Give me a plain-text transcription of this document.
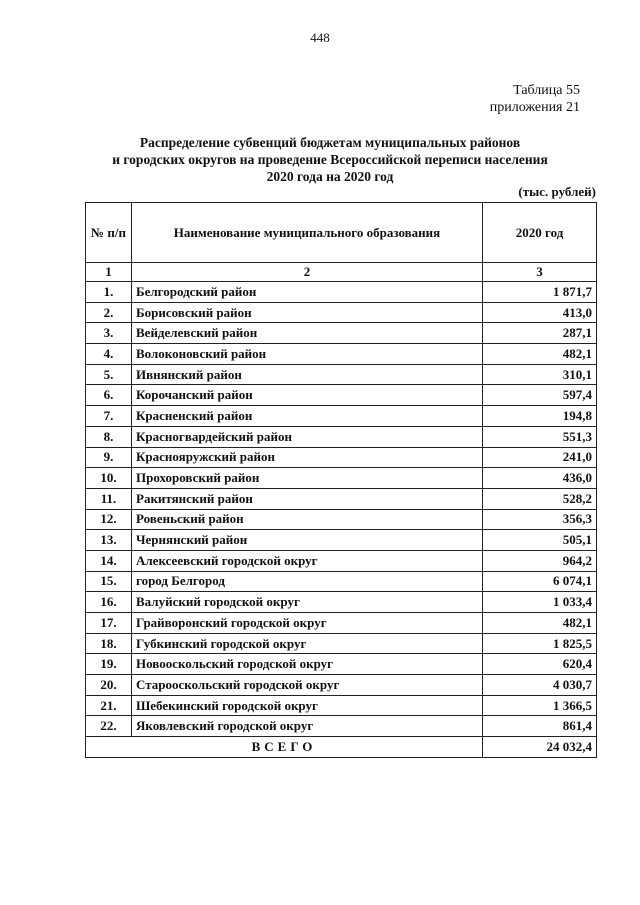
448
Таблица 55
приложения 21
Распределение субвенций бюджетам муниципальных районов
и городских округов на проведение Всероссийской переписи населения
2020 года на 2020 год
(тыс. рублей)
№ п/п	Наименование муниципального образования	2020 год
1	2	3
1.	Белгородский район	1 871,7
2.	Борисовский район	413,0
3.	Вейделевский район	287,1
4.	Волоконовский район	482,1
5.	Ивнянский район	310,1
6.	Корочанский район	597,4
7.	Красненский район	194,8
8.	Красногвардейский район	551,3
9.	Краснояружский район	241,0
10.	Прохоровский район	436,0
11.	Ракитянский район	528,2
12.	Ровеньский район	356,3
13.	Чернянский район	505,1
14.	Алексеевский городской округ	964,2
15.	город Белгород	6 074,1
16.	Валуйский городской округ	1 033,4
17.	Грайворонский городской округ	482,1
18.	Губкинский городской округ	1 825,5
19.	Новооскольский городской округ	620,4
20.	Старооскольский городской округ	4 030,7
21.	Шебекинский городской округ	1 366,5
22.	Яковлевский городской округ	861,4
ВСЕГО		24 032,4
